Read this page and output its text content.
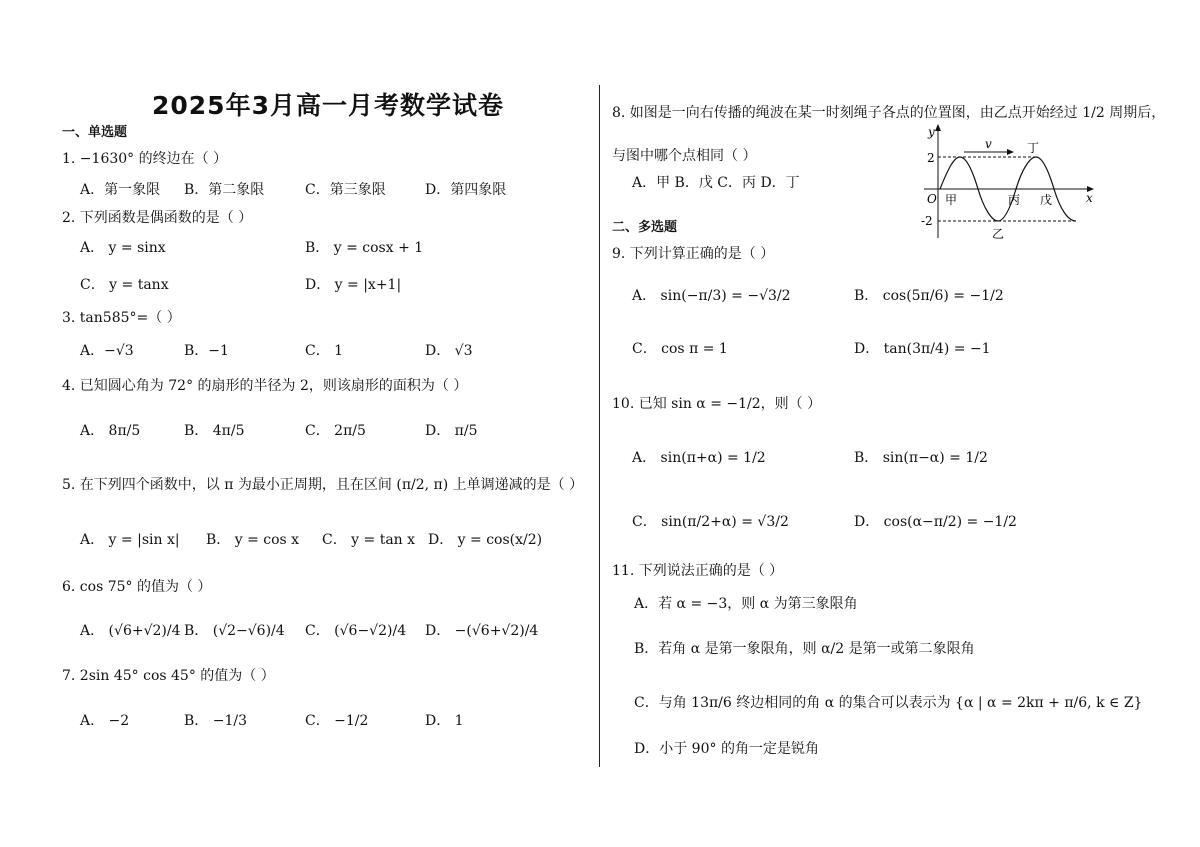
2025年3月高一月考数学试卷
一、单选题
1. −1630° 的终边在（ ）
A．第一象限 B．第二象限	C．第三象限	D．第四象限
2. 下列函数是偶函数的是（ ）
A． y = sinx	B． y = cosx + 1
C． y = tanx	D． y = |x+1|
3. tan585°=（ ）
A．−√3	B．−1	C． 1	D． √3
4. 已知圆心角为 72° 的扇形的半径为 2，则该扇形的面积为（ ）
A． 8π/5	B． 4π/5	C． 2π/5	D． π/5
5. 在下列四个函数中，以 π 为最小正周期，且在区间 (π/2, π) 上单调递减的是（ ）
A． y = |sin x| B． y = cos x C． y = tan x D． y = cos(x/2)
6. cos 75° 的值为（ ）
A． (√6+√2)/4 B． (√2−√6)/4 C． (√6−√2)/4 D． −(√6+√2)/4
7. 2sin 45° cos 45° 的值为（ ）
A． −2	B． −1/3	C． −1/2	D． 1
8. 如图是一向右传播的绳波在某一时刻绳子各点的位置图，由乙点开始经过 1/2 周期后，
与图中哪个点相同（ ）
A．甲 B．戊 C．丙 D．丁
y
x
O
v
2
-2
甲
乙
丙 戊
丁
二、多选题
9. 下列计算正确的是（ ）
A． sin(−π/3) = −√3/2	B． cos(5π/6) = −1/2
C． cos π = 1	D． tan(3π/4) = −1
10. 已知 sin α = −1/2，则（ ）
A． sin(π+α) = 1/2	B． sin(π−α) = 1/2
C． sin(π/2+α) = √3/2	D． cos(α−π/2) = −1/2
11. 下列说法正确的是（ ）
A．若 α = −3，则 α 为第三象限角
B．若角 α 是第一象限角，则 α/2 是第一或第二象限角
C．与角 13π/6 终边相同的角 α 的集合可以表示为 {α | α = 2kπ + π/6, k ∈ Z}
D．小于 90° 的角一定是锐角
